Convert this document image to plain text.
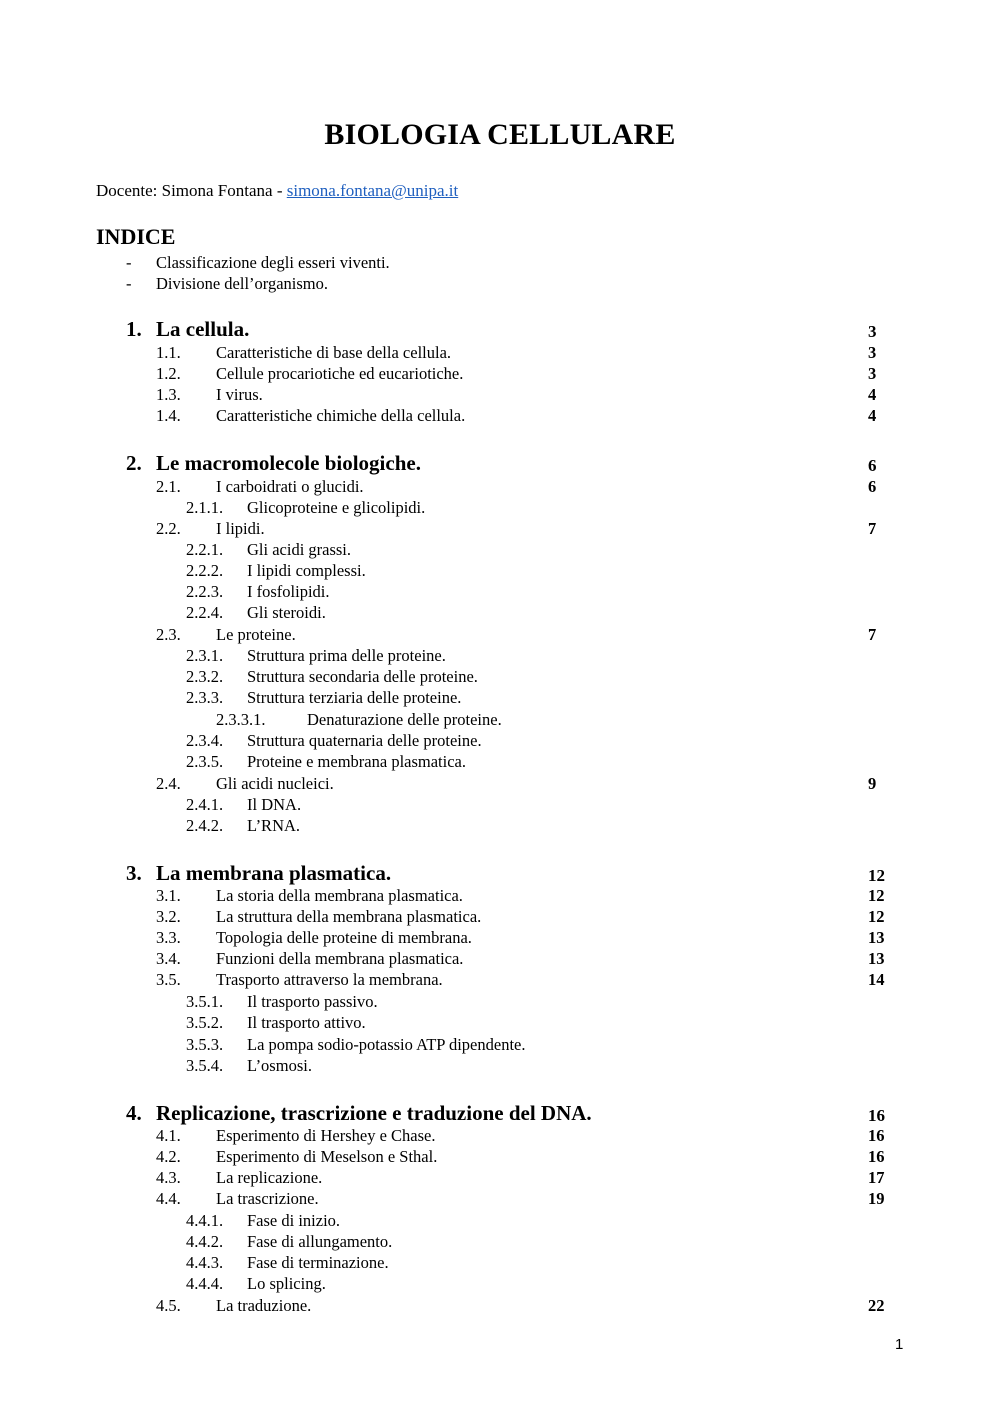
BIOLOGIA CELLULARE
Docente: Simona Fontana - simona.fontana@unipa.it
INDICE
- Classificazione degli esseri viventi.
- Divisione dell’organismo.
1. La cellula.	3
1.1. Caratteristiche di base della cellula.	3
1.2. Cellule procariotiche ed eucariotiche.	3
1.3. I virus.	4
1.4. Caratteristiche chimiche della cellula.	4
2. Le macromolecole biologiche.	6
2.1. I carboidrati o glucidi.	6
2.1.1. Glicoproteine e glicolipidi.
2.2. I lipidi.	7
2.2.1. Gli acidi grassi.
2.2.2. I lipidi complessi.
2.2.3. I fosfolipidi.
2.2.4. Gli steroidi.
2.3. Le proteine.	7
2.3.1. Struttura prima delle proteine.
2.3.2. Struttura secondaria delle proteine.
2.3.3. Struttura terziaria delle proteine.
2.3.3.1.	Denaturazione delle proteine.
2.3.4. Struttura quaternaria delle proteine.
2.3.5. Proteine e membrana plasmatica.
2.4. Gli acidi nucleici.	9
2.4.1. Il DNA.
2.4.2. L’RNA.
3. La membrana plasmatica.	12
3.1. La storia della membrana plasmatica.	12
3.2. La struttura della membrana plasmatica.	12
3.3. Topologia delle proteine di membrana.	13
3.4. Funzioni della membrana plasmatica.	13
3.5. Trasporto attraverso la membrana.	14
3.5.1. Il trasporto passivo.
3.5.2. Il trasporto attivo.
3.5.3. La pompa sodio-potassio ATP dipendente.
3.5.4. L’osmosi.
4. Replicazione, trascrizione e traduzione del DNA.	16
4.1. Esperimento di Hershey e Chase.	16
4.2. Esperimento di Meselson e Sthal.	16
4.3. La replicazione.	17
4.4. La trascrizione.	19
4.4.1. Fase di inizio.
4.4.2. Fase di allungamento.
4.4.3. Fase di terminazione.
4.4.4. Lo splicing.
4.5. La traduzione.	22
1
